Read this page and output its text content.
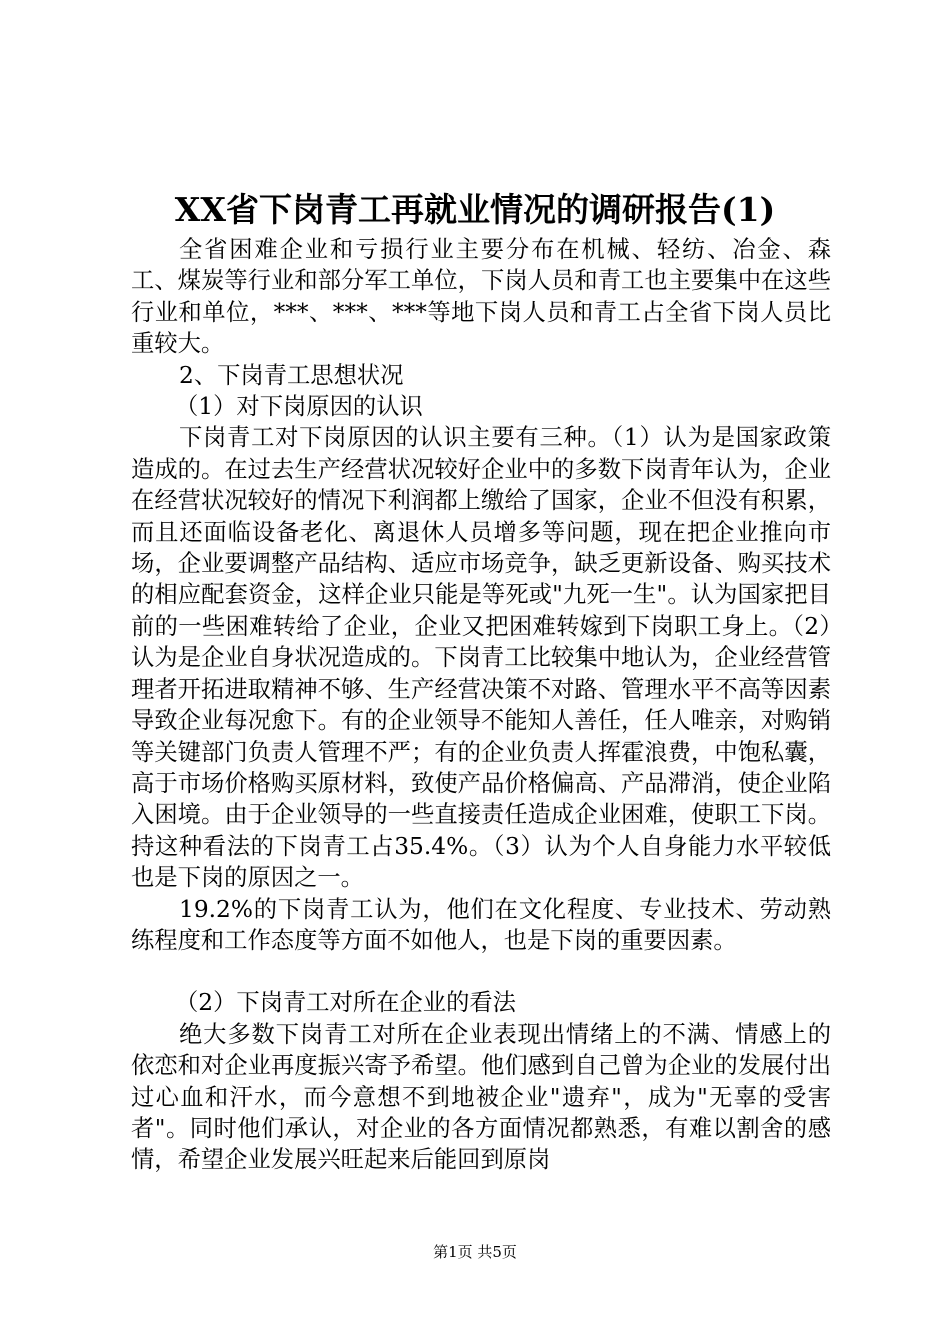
XX省下岗青工再就业情况的调研报告(1)

全省困难企业和亏损行业主要分布在机械、轻纺、冶金、森工、煤炭等行业和部分军工单位，下岗人员和青工也主要集中在这些行业和单位，***、***、***等地下岗人员和青工占全省下岗人员比重较大。

2、下岗青工思想状况

（1）对下岗原因的认识

下岗青工对下岗原因的认识主要有三种。（1）认为是国家政策造成的。在过去生产经营状况较好企业中的多数下岗青年认为，企业在经营状况较好的情况下利润都上缴给了国家，企业不但没有积累，而且还面临设备老化、离退休人员增多等问题，现在把企业推向市场，企业要调整产品结构、适应市场竞争，缺乏更新设备、购买技术的相应配套资金，这样企业只能是等死或"九死一生"。认为国家把目前的一些困难转给了企业，企业又把困难转嫁到下岗职工身上。（2）认为是企业自身状况造成的。下岗青工比较集中地认为，企业经营管理者开拓进取精神不够、生产经营决策不对路、管理水平不高等因素导致企业每况愈下。有的企业领导不能知人善任，任人唯亲，对购销等关键部门负责人管理不严；有的企业负责人挥霍浪费，中饱私囊，高于市场价格购买原材料，致使产品价格偏高、产品滞消，使企业陷入困境。由于企业领导的一些直接责任造成企业困难，使职工下岗。持这种看法的下岗青工占35.4%。（3）认为个人自身能力水平较低也是下岗的原因之一。

19.2%的下岗青工认为，他们在文化程度、专业技术、劳动熟练程度和工作态度等方面不如他人，也是下岗的重要因素。

（2）下岗青工对所在企业的看法

绝大多数下岗青工对所在企业表现出情绪上的不满、情感上的依恋和对企业再度振兴寄予希望。他们感到自己曾为企业的发展付出过心血和汗水，而今意想不到地被企业"遗弃"，成为"无辜的受害者"。同时他们承认，对企业的各方面情况都熟悉，有难以割舍的感情，希望企业发展兴旺起来后能回到原岗

第1页 共5页
